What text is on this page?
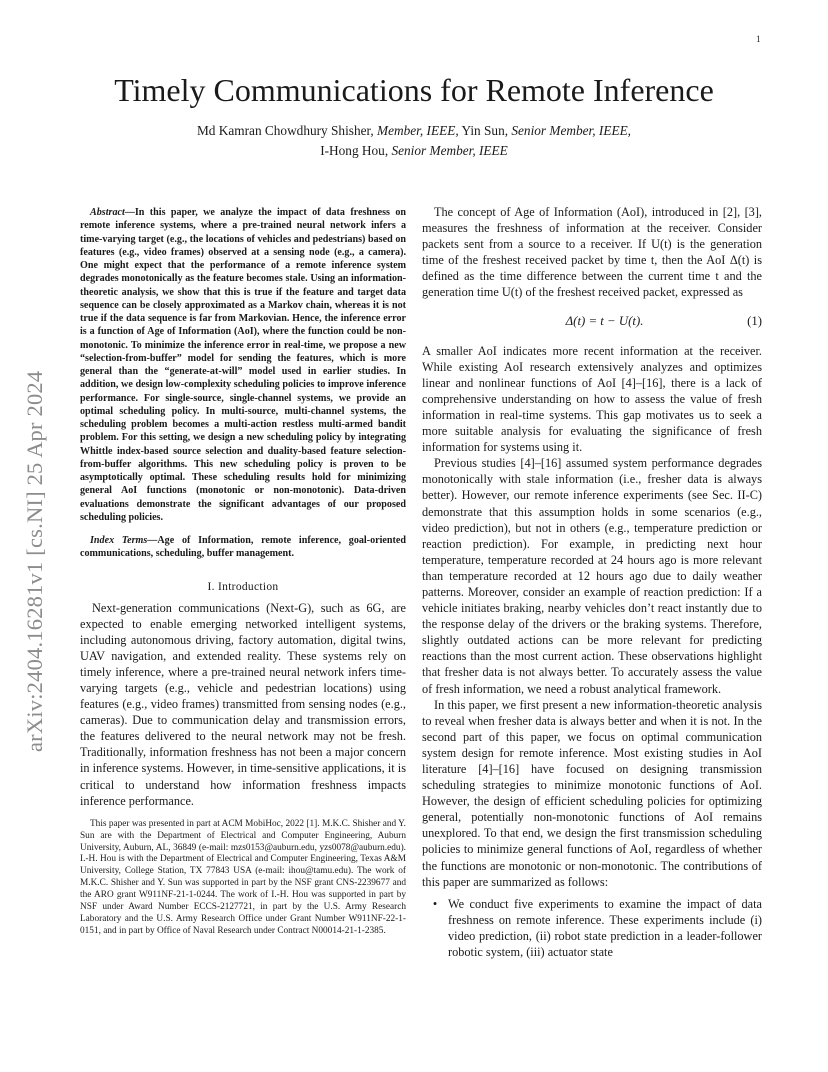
1
arXiv:2404.16281v1 [cs.NI] 25 Apr 2024
Timely Communications for Remote Inference
Md Kamran Chowdhury Shisher, Member, IEEE, Yin Sun, Senior Member, IEEE,
I-Hong Hou, Senior Member, IEEE

Abstract—In this paper, we analyze the impact of data freshness on remote inference systems, where a pre-trained neural network infers a time-varying target (e.g., the locations of vehicles and pedestrians) based on features (e.g., video frames) observed at a sensing node (e.g., a camera). One might expect that the performance of a remote inference system degrades monotonically as the feature becomes stale. Using an information-theoretic analysis, we show that this is true if the feature and target data sequence can be closely approximated as a Markov chain, whereas it is not true if the data sequence is far from Markovian. Hence, the inference error is a function of Age of Information (AoI), where the function could be non-monotonic. To minimize the inference error in real-time, we propose a new “selection-from-buffer” model for sending the features, which is more general than the “generate-at-will” model used in earlier studies. In addition, we design low-complexity scheduling policies to improve inference performance. For single-source, single-channel systems, we provide an optimal scheduling policy. In multi-source, multi-channel systems, the scheduling problem becomes a multi-action restless multi-armed bandit problem. For this setting, we design a new scheduling policy by integrating Whittle index-based source selection and duality-based feature selection-from-buffer algorithms. This new scheduling policy is proven to be asymptotically optimal. These scheduling results hold for minimizing general AoI functions (monotonic or non-monotonic). Data-driven evaluations demonstrate the significant advantages of our proposed scheduling policies.

Index Terms—Age of Information, remote inference, goal-oriented communications, scheduling, buffer management.

I. Introduction

Next-generation communications (Next-G), such as 6G, are expected to enable emerging networked intelligent systems, including autonomous driving, factory automation, digital twins, UAV navigation, and extended reality. These systems rely on timely inference, where a pre-trained neural network infers time-varying targets (e.g., vehicle and pedestrian locations) using features (e.g., video frames) transmitted from sensing nodes (e.g., cameras). Due to communication delay and transmission errors, the features delivered to the neural network may not be fresh. Traditionally, information freshness has not been a major concern in inference systems. However, in time-sensitive applications, it is critical to understand how information freshness impacts inference performance.

This paper was presented in part at ACM MobiHoc, 2022 [1]. M.K.C. Shisher and Y. Sun are with the Department of Electrical and Computer Engineering, Auburn University, Auburn, AL, 36849 (e-mail: mzs0153@auburn.edu, yzs0078@auburn.edu). I.-H. Hou is with the Department of Electrical and Computer Engineering, Texas A&M University, College Station, TX 77843 USA (e-mail: ihou@tamu.edu). The work of M.K.C. Shisher and Y. Sun was supported in part by the NSF grant CNS-2239677 and the ARO grant W911NF-21-1-0244. The work of I.-H. Hou was supported in part by NSF under Award Number ECCS-2127721, in part by the U.S. Army Research Laboratory and the U.S. Army Research Office under Grant Number W911NF-22-1-0151, and in part by Office of Naval Research under Contract N00014-21-1-2385.

The concept of Age of Information (AoI), introduced in [2], [3], measures the freshness of information at the receiver. Consider packets sent from a source to a receiver. If U(t) is the generation time of the freshest received packet by time t, then the AoI Δ(t) is defined as the time difference between the current time t and the generation time U(t) of the freshest received packet, expressed as

Δ(t) = t − U(t).	(1)

A smaller AoI indicates more recent information at the receiver. While existing AoI research extensively analyzes and optimizes linear and nonlinear functions of AoI [4]–[16], there is a lack of comprehensive understanding on how to assess the value of fresh information in real-time systems. This gap motivates us to seek a more suitable analysis for evaluating the significance of fresh information for systems using it.

Previous studies [4]–[16] assumed system performance degrades monotonically with stale information (i.e., fresher data is always better). However, our remote inference experiments (see Sec. II-C) demonstrate that this assumption holds in some scenarios (e.g., video prediction), but not in others (e.g., temperature prediction or reaction prediction). For example, in predicting next hour temperature, temperature recorded at 24 hours ago is more relevant than temperature recorded at 12 hours ago due to daily weather patterns. Moreover, consider an example of reaction prediction: If a vehicle initiates braking, nearby vehicles don’t react instantly due to the response delay of the drivers or the braking systems. Therefore, slightly outdated actions can be more relevant for predicting reactions than the most current action. These observations highlight that fresher data is not always better. To accurately assess the value of fresh information, we need a robust analytical framework.

In this paper, we first present a new information-theoretic analysis to reveal when fresher data is always better and when it is not. In the second part of this paper, we focus on optimal communication system design for remote inference. Most existing studies in AoI literature [4]–[16] have focused on designing transmission scheduling strategies to minimize monotonic functions of AoI. However, the design of efficient scheduling policies for optimizing general, potentially non-monotonic functions of AoI remains unexplored. To that end, we design the first transmission scheduling policies to minimize general functions of AoI, regardless of whether the functions are monotonic or non-monotonic. The contributions of this paper are summarized as follows:

• We conduct five experiments to examine the impact of data freshness on remote inference. These experiments include (i) video prediction, (ii) robot state prediction in a leader-follower robotic system, (iii) actuator state
